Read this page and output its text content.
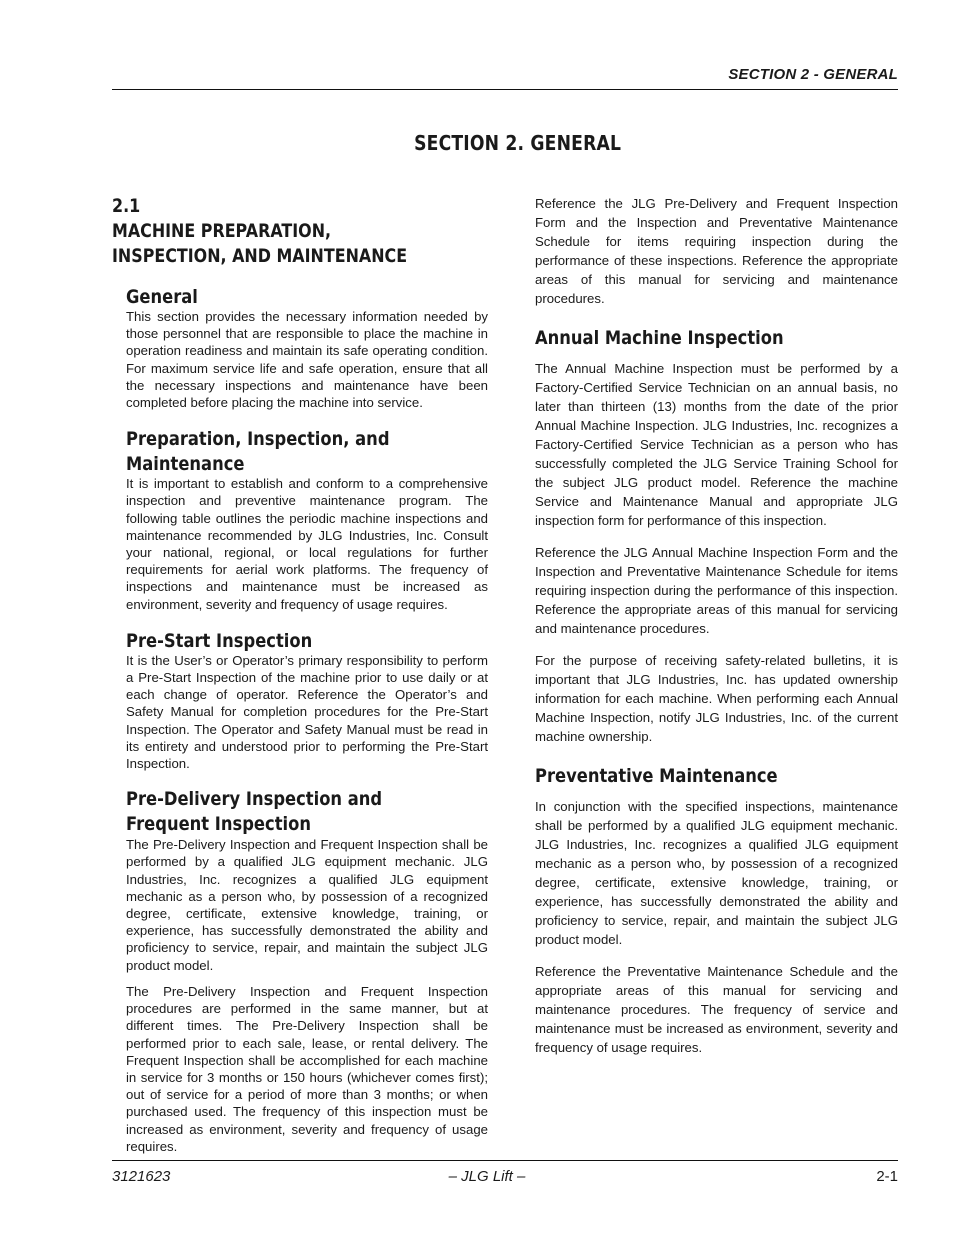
SECTION 2 - GENERAL
SECTION 2. GENERAL
2.1MACHINE PREPARATION, INSPECTION, AND MAINTENANCE
General

This section provides the necessary information needed by those personnel that are responsible to place the machine in operation readiness and maintain its safe operating condition. For maximum service life and safe operation, ensure that all the necessary inspections and maintenance have been completed before placing the machine into service.

Preparation, Inspection, and Maintenance

It is important to establish and conform to a comprehensive inspection and preventive maintenance program. The following table outlines the periodic machine inspections and maintenance recommended by JLG Industries, Inc. Consult your national, regional, or local regulations for further requirements for aerial work platforms. The frequency of inspections and maintenance must be increased as environment, severity and frequency of usage requires.

Pre-Start Inspection

It is the User’s or Operator’s primary responsibility to perform a Pre-Start Inspection of the machine prior to use daily or at each change of operator. Reference the Operator’s and Safety Manual for completion procedures for the Pre-Start Inspection. The Operator and Safety Manual must be read in its entirety and understood prior to performing the Pre-Start Inspection.

Pre-Delivery Inspection and Frequent Inspection

The Pre-Delivery Inspection and Frequent Inspection shall be performed by a qualified JLG equipment mechanic. JLG Industries, Inc. recognizes a qualified JLG equipment mechanic as a person who, by possession of a recognized degree, certificate, extensive knowledge, training, or experience, has successfully demonstrated the ability and proficiency to service, repair, and maintain the subject JLG product model.

The Pre-Delivery Inspection and Frequent Inspection procedures are performed in the same manner, but at different times. The Pre-Delivery Inspection shall be performed prior to each sale, lease, or rental delivery. The Frequent Inspection shall be accomplished for each machine in service for 3 months or 150 hours (whichever comes first); out of service for a period of more than 3 months; or when purchased used. The frequency of this inspection must be increased as environment, severity and frequency of usage requires.

Reference the JLG Pre-Delivery and Frequent Inspection Form and the Inspection and Preventative Maintenance Schedule for items requiring inspection during the performance of these inspections. Reference the appropriate areas of this manual for servicing and maintenance procedures.

Annual Machine Inspection

The Annual Machine Inspection must be performed by a Factory-Certified Service Technician on an annual basis, no later than thirteen (13) months from the date of the prior Annual Machine Inspection. JLG Industries, Inc. recognizes a Factory-Certified Service Technician as a person who has successfully completed the JLG Service Training School for the subject JLG product model. Reference the machine Service and Maintenance Manual and appropriate JLG inspection form for performance of this inspection.

Reference the JLG Annual Machine Inspection Form and the Inspection and Preventative Maintenance Schedule for items requiring inspection during the performance of this inspection. Reference the appropriate areas of this manual for servicing and maintenance procedures.

For the purpose of receiving safety-related bulletins, it is important that JLG Industries, Inc. has updated ownership information for each machine. When performing each Annual Machine Inspection, notify JLG Industries, Inc. of the current machine ownership.

Preventative Maintenance

In conjunction with the specified inspections, maintenance shall be performed by a qualified JLG equipment mechanic. JLG Industries, Inc. recognizes a qualified JLG equipment mechanic as a person who, by possession of a recognized degree, certificate, extensive knowledge, training, or experience, has successfully demonstrated the ability and proficiency to service, repair, and maintain the subject JLG product model.

Reference the Preventative Maintenance Schedule and the appropriate areas of this manual for servicing and maintenance procedures. The frequency of service and maintenance must be increased as environment, severity and frequency of usage requires.

3121623	– JLG Lift –	2-1
